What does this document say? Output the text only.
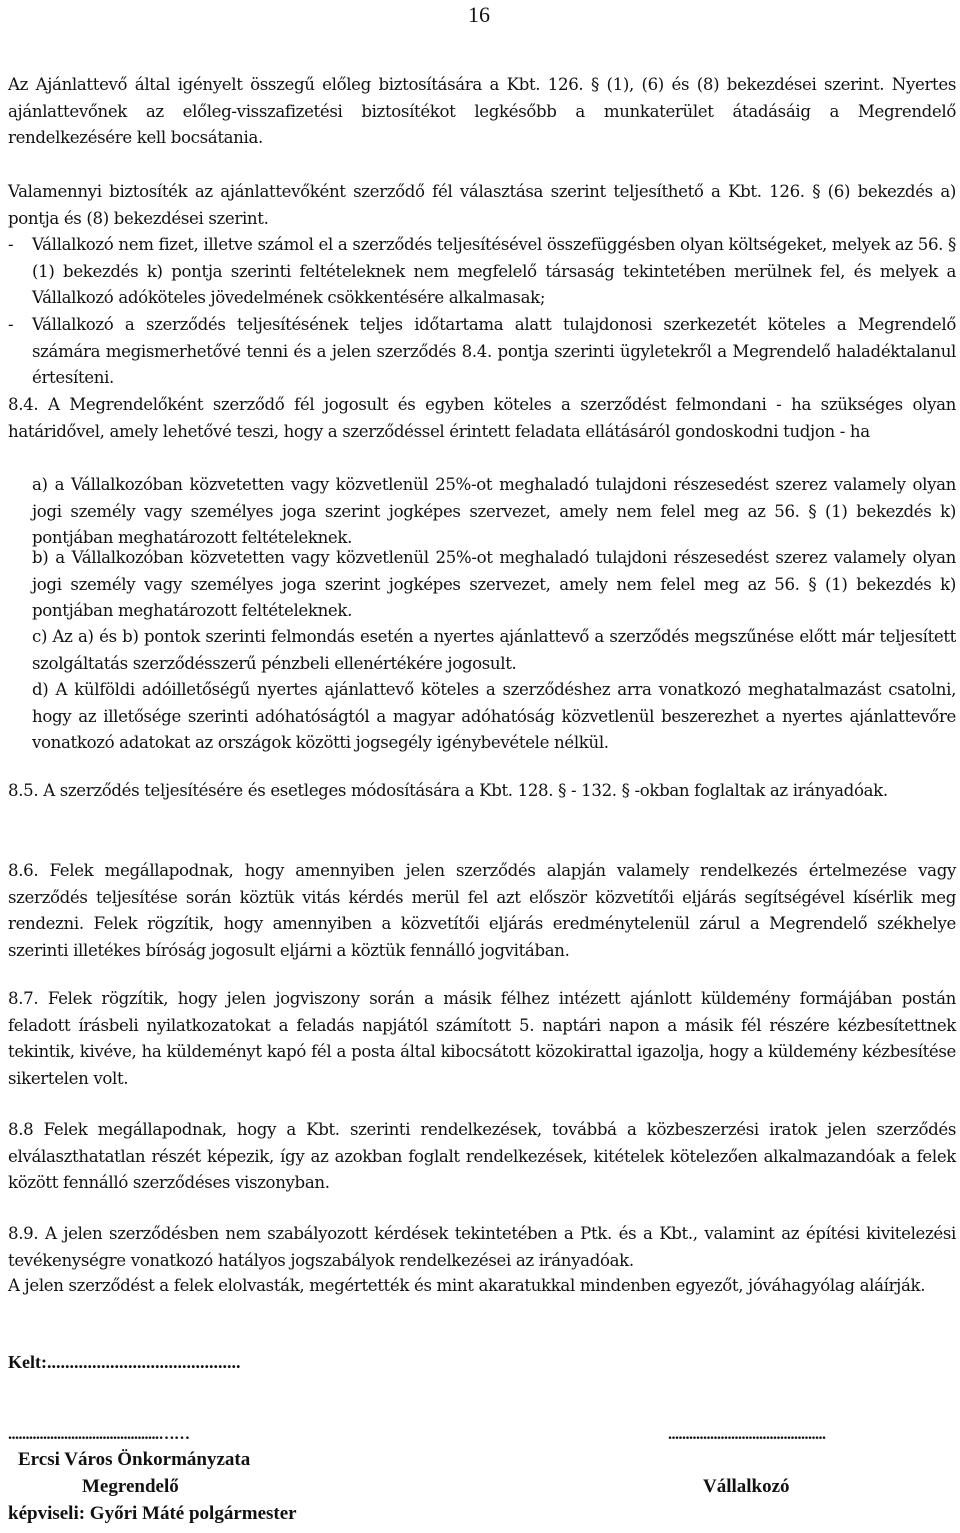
16
Az Ajánlattevő által igényelt összegű előleg biztosítására a Kbt. 126. § (1), (6) és (8) bekezdései szerint. Nyertes ajánlattevőnek az előleg-visszafizetési biztosítékot legkésőbb a munkaterület átadásáig a Megrendelő rendelkezésére kell bocsátania.
Valamennyi biztosíték az ajánlattevőként szerződő fél választása szerint teljesíthető a Kbt. 126. § (6) bekezdés a) pontja és (8) bekezdései szerint.
- Vállalkozó nem fizet, illetve számol el a szerződés teljesítésével összefüggésben olyan költségeket, melyek az 56. § (1) bekezdés k) pontja szerinti feltételeknek nem megfelelő társaság tekintetében merülnek fel, és melyek a Vállalkozó adóköteles jövedelmének csökkentésére alkalmasak;
- Vállalkozó a szerződés teljesítésének teljes időtartama alatt tulajdonosi szerkezetét köteles a Megrendelő számára megismerhetővé tenni és a jelen szerződés 8.4. pontja szerinti ügyletekről a Megrendelő haladéktalanul értesíteni.
8.4. A Megrendelőként szerződő fél jogosult és egyben köteles a szerződést felmondani - ha szükséges olyan határidővel, amely lehetővé teszi, hogy a szerződéssel érintett feladata ellátásáról gondoskodni tudjon - ha
a) a Vállalkozóban közvetetten vagy közvetlenül 25%-ot meghaladó tulajdoni részesedést szerez valamely olyan jogi személy vagy személyes joga szerint jogképes szervezet, amely nem felel meg az 56. § (1) bekezdés k) pontjában meghatározott feltételeknek.
b) a Vállalkozóban közvetetten vagy közvetlenül 25%-ot meghaladó tulajdoni részesedést szerez valamely olyan jogi személy vagy személyes joga szerint jogképes szervezet, amely nem felel meg az 56. § (1) bekezdés k) pontjában meghatározott feltételeknek.
c) Az a) és b) pontok szerinti felmondás esetén a nyertes ajánlattevő a szerződés megszűnése előtt már teljesített szolgáltatás szerződésszerű pénzbeli ellenértékére jogosult.
d) A külföldi adóilletőségű nyertes ajánlattevő köteles a szerződéshez arra vonatkozó meghatalmazást csatolni, hogy az illetősége szerinti adóhatóságtól a magyar adóhatóság közvetlenül beszerezhet a nyertes ajánlattevőre vonatkozó adatokat az országok közötti jogsegély igénybevétele nélkül.
8.5. A szerződés teljesítésére és esetleges módosítására a Kbt. 128. § - 132. § -okban foglaltak az irányadóak.
8.6. Felek megállapodnak, hogy amennyiben jelen szerződés alapján valamely rendelkezés értelmezése vagy szerződés teljesítése során köztük vitás kérdés merül fel azt először közvetítői eljárás segítségével kísérlik meg rendezni. Felek rögzítik, hogy amennyiben a közvetítői eljárás eredménytelenül zárul a Megrendelő székhelye szerinti illetékes bíróság jogosult eljárni a köztük fennálló jogvitában.
8.7. Felek rögzítik, hogy jelen jogviszony során a másik félhez intézett ajánlott küldemény formájában postán feladott írásbeli nyilatkozatokat a feladás napjától számított 5. naptári napon a másik fél részére kézbesítettnek tekintik, kivéve, ha küldeményt kapó fél a posta által kibocsátott közokirattal igazolja, hogy a küldemény kézbesítése sikertelen volt.
8.8 Felek megállapodnak, hogy a Kbt. szerinti rendelkezések, továbbá a közbeszerzési iratok jelen szerződés elválaszthatatlan részét képezik, így az azokban foglalt rendelkezések, kitételek kötelezően alkalmazandóak a felek között fennálló szerződéses viszonyban.
8.9. A jelen szerződésben nem szabályozott kérdések tekintetében a Ptk. és a Kbt., valamint az építési kivitelezési tevékenységre vonatkozó hatályos jogszabályok rendelkezései az irányadóak.
A jelen szerződést a felek elolvasták, megértették és mint akaratukkal mindenben egyezőt, jóváhagyólag aláírják.
Kelt:...........................................
...........................................……	.............................................
Ercsi Város Önkormányzata
Megrendelő	Vállalkozó
képviseli: Győri Máté polgármester
